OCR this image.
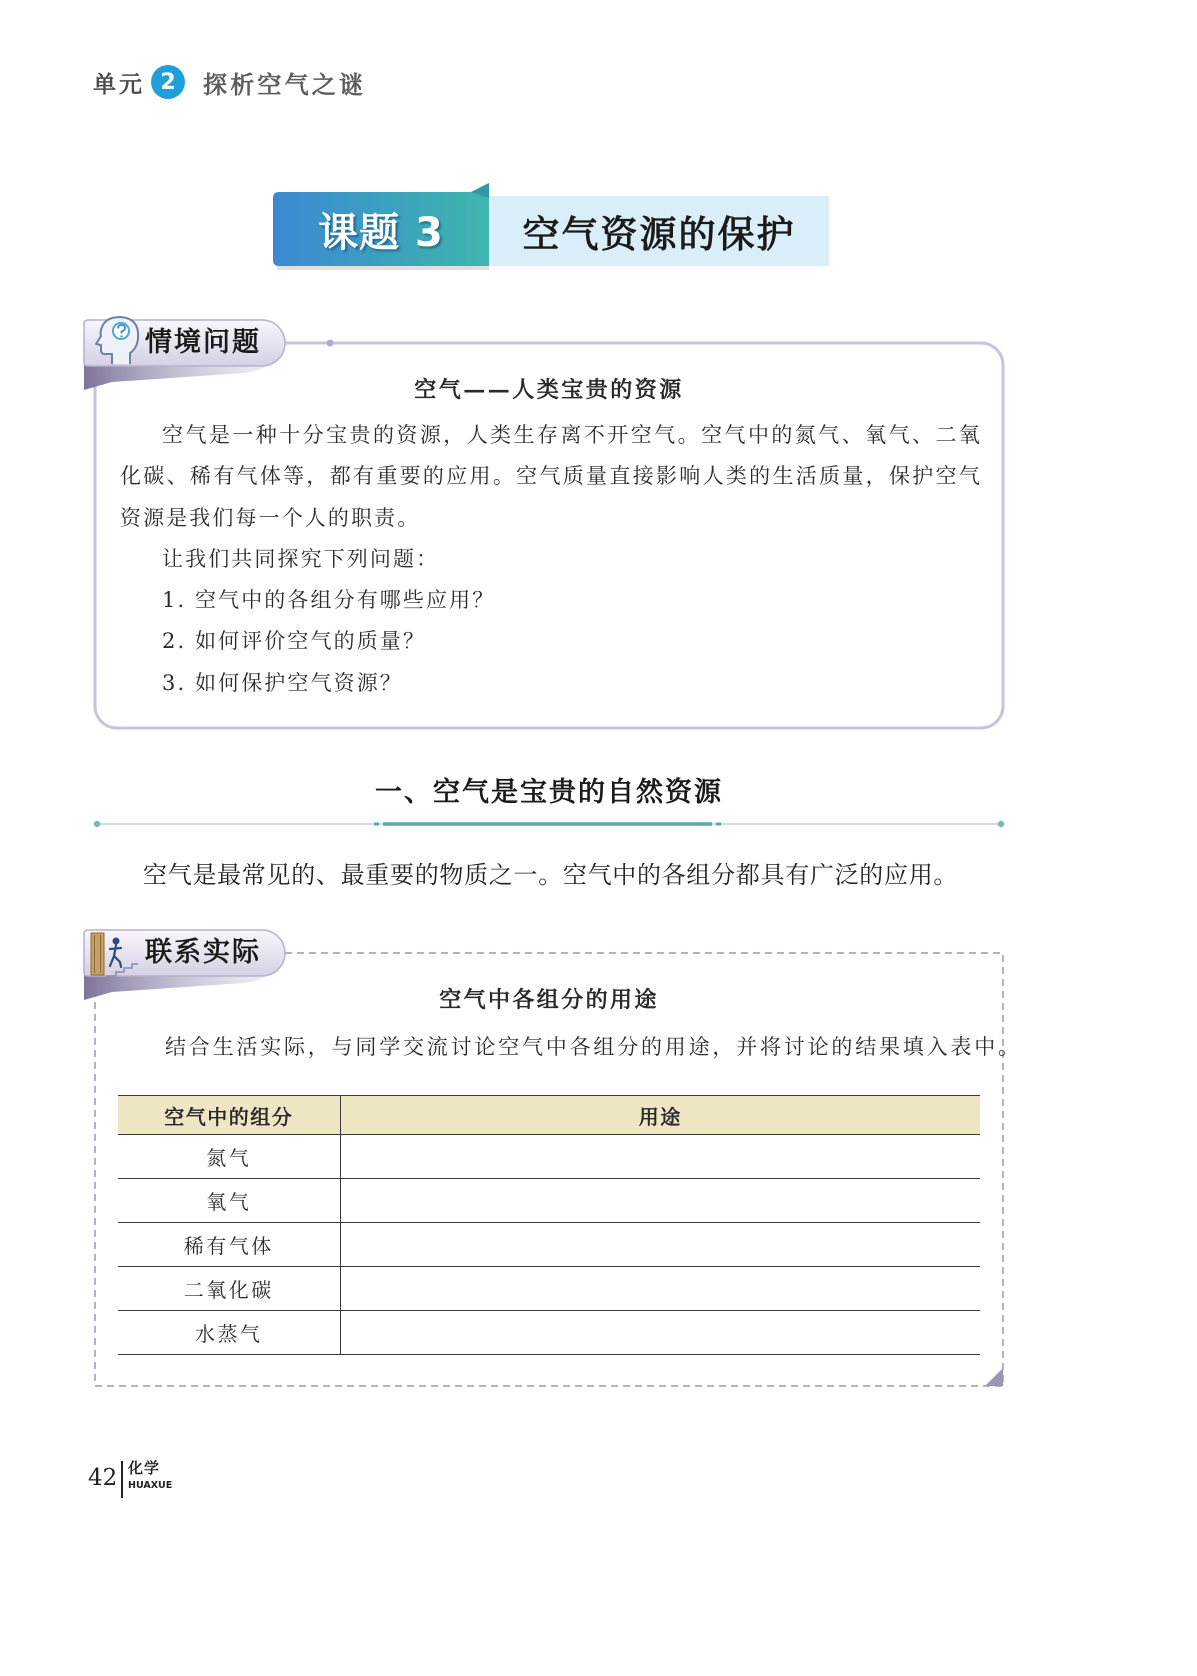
单元 2	探析空气之谜
课题 3	空气资源的保护
情境问题
空气——人类宝贵的资源

空气是一种十分宝贵的资源，人类生存离不开空气。空气中的氮气、氧气、二氧化碳、稀有气体等，都有重要的应用。空气质量直接影响人类的生活质量，保护空气资源是我们每一个人的职责。

让我们共同探究下列问题：

1. 空气中的各组分有哪些应用？

2. 如何评价空气的质量？

3. 如何保护空气资源？

一、空气是宝贵的自然资源
空气是最常见的、最重要的物质之一。空气中的各组分都具有广泛的应用。
联系实际
空气中各组分的用途
结合生活实际，与同学交流讨论空气中各组分的用途，并将讨论的结果填入表中。
空气中的组分	用途
氮气	
氧气	
稀有气体	
二氧化碳	
水蒸气	
42 化学
HUAXUE
